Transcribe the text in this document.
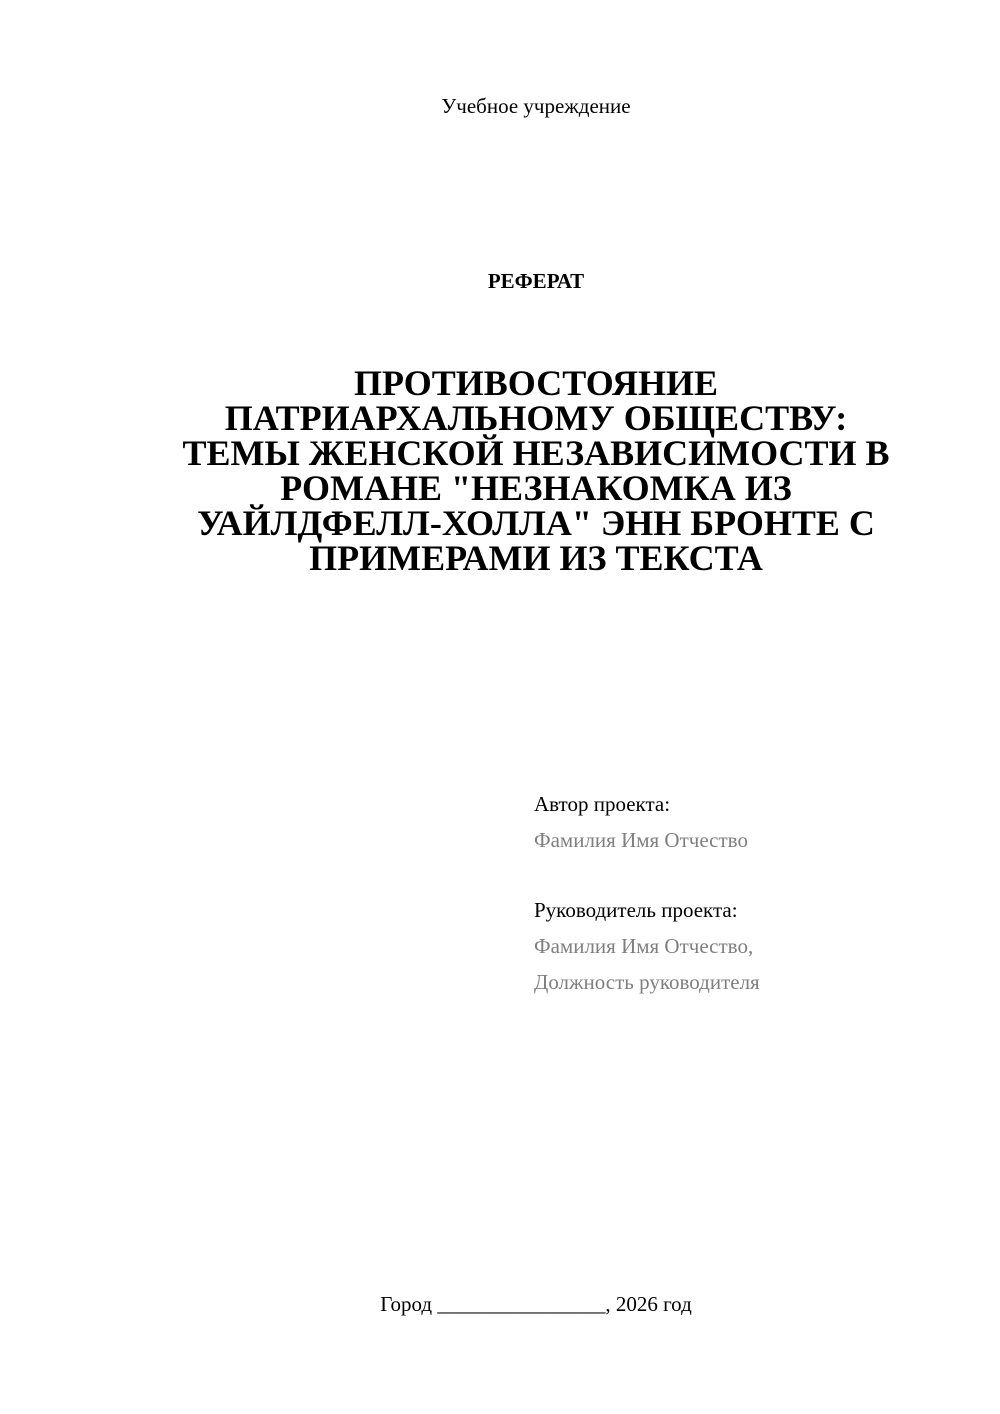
Учебное учреждение
РЕФЕРАТ
ПРОТИВОСТОЯНИЕ
ПАТРИАРХАЛЬНОМУ ОБЩЕСТВУ:
ТЕМЫ ЖЕНСКОЙ НЕЗАВИСИМОСТИ В
РОМАНЕ "НЕЗНАКОМКА ИЗ
УАЙЛДФЕЛЛ-ХОЛЛА" ЭНН БРОНТЕ С
ПРИМЕРАМИ ИЗ ТЕКСТА
Автор проекта:
Фамилия Имя Отчество
Руководитель проекта:
Фамилия Имя Отчество,
Должность руководителя
Город ________________, 2026 год
